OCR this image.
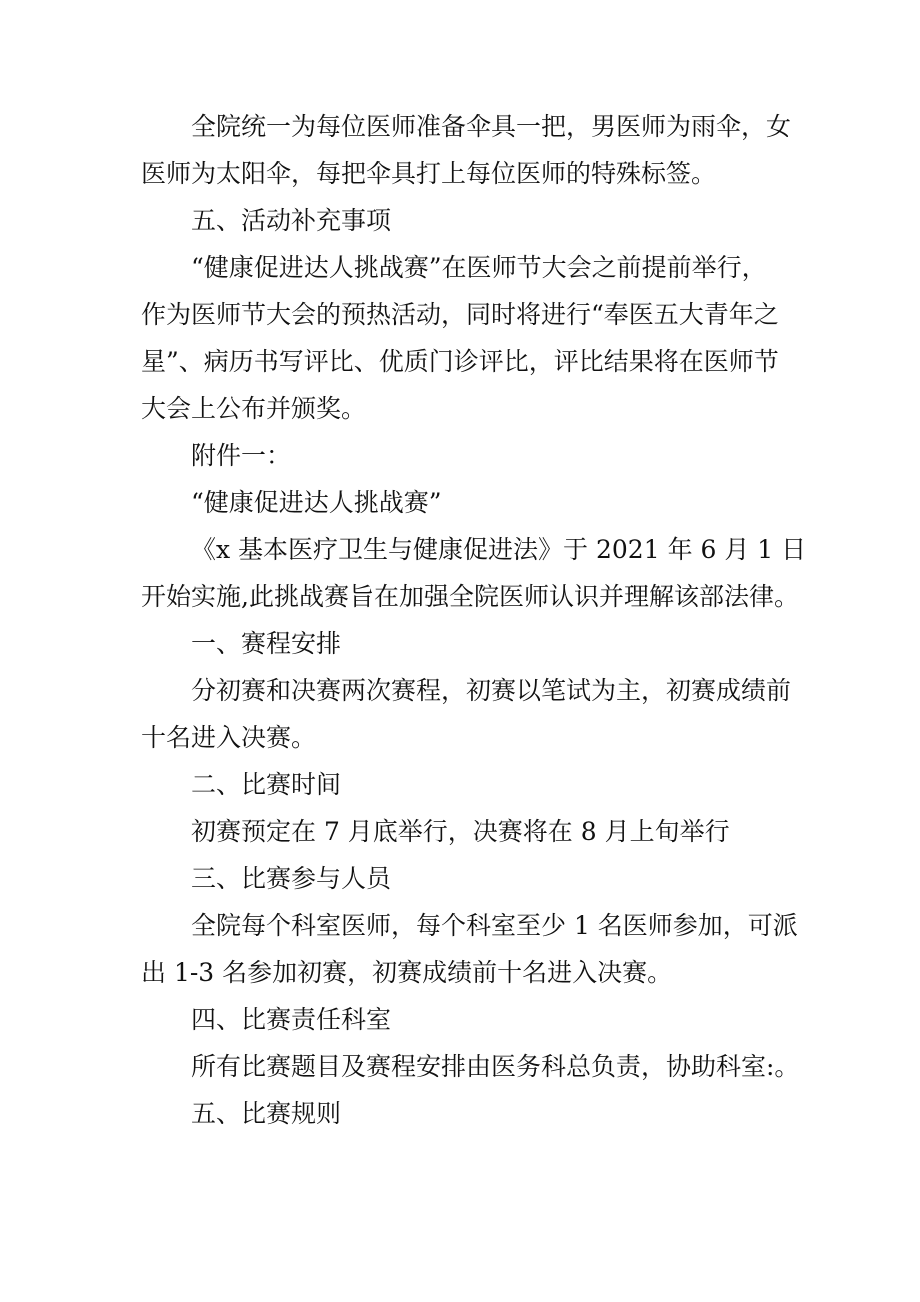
全院统一为每位医师准备伞具一把，男医师为雨伞，女
医师为太阳伞，每把伞具打上每位医师的特殊标签。
五、活动补充事项
“健康促进达人挑战赛”在医师节大会之前提前举行，
作为医师节大会的预热活动，同时将进行“奉医五大青年之
星”、病历书写评比、优质门诊评比，评比结果将在医师节
大会上公布并颁奖。
附件一：
“健康促进达人挑战赛”
《x 基本医疗卫生与健康促进法》于 2021 年 6 月 1 日
开始实施,此挑战赛旨在加强全院医师认识并理解该部法律。
一、赛程安排
分初赛和决赛两次赛程，初赛以笔试为主，初赛成绩前
十名进入决赛。
二、比赛时间
初赛预定在 7 月底举行，决赛将在 8 月上旬举行
三、比赛参与人员
全院每个科室医师，每个科室至少 1 名医师参加，可派
出 1-3 名参加初赛，初赛成绩前十名进入决赛。
四、比赛责任科室
所有比赛题目及赛程安排由医务科总负责，协助科室:。
五、比赛规则
